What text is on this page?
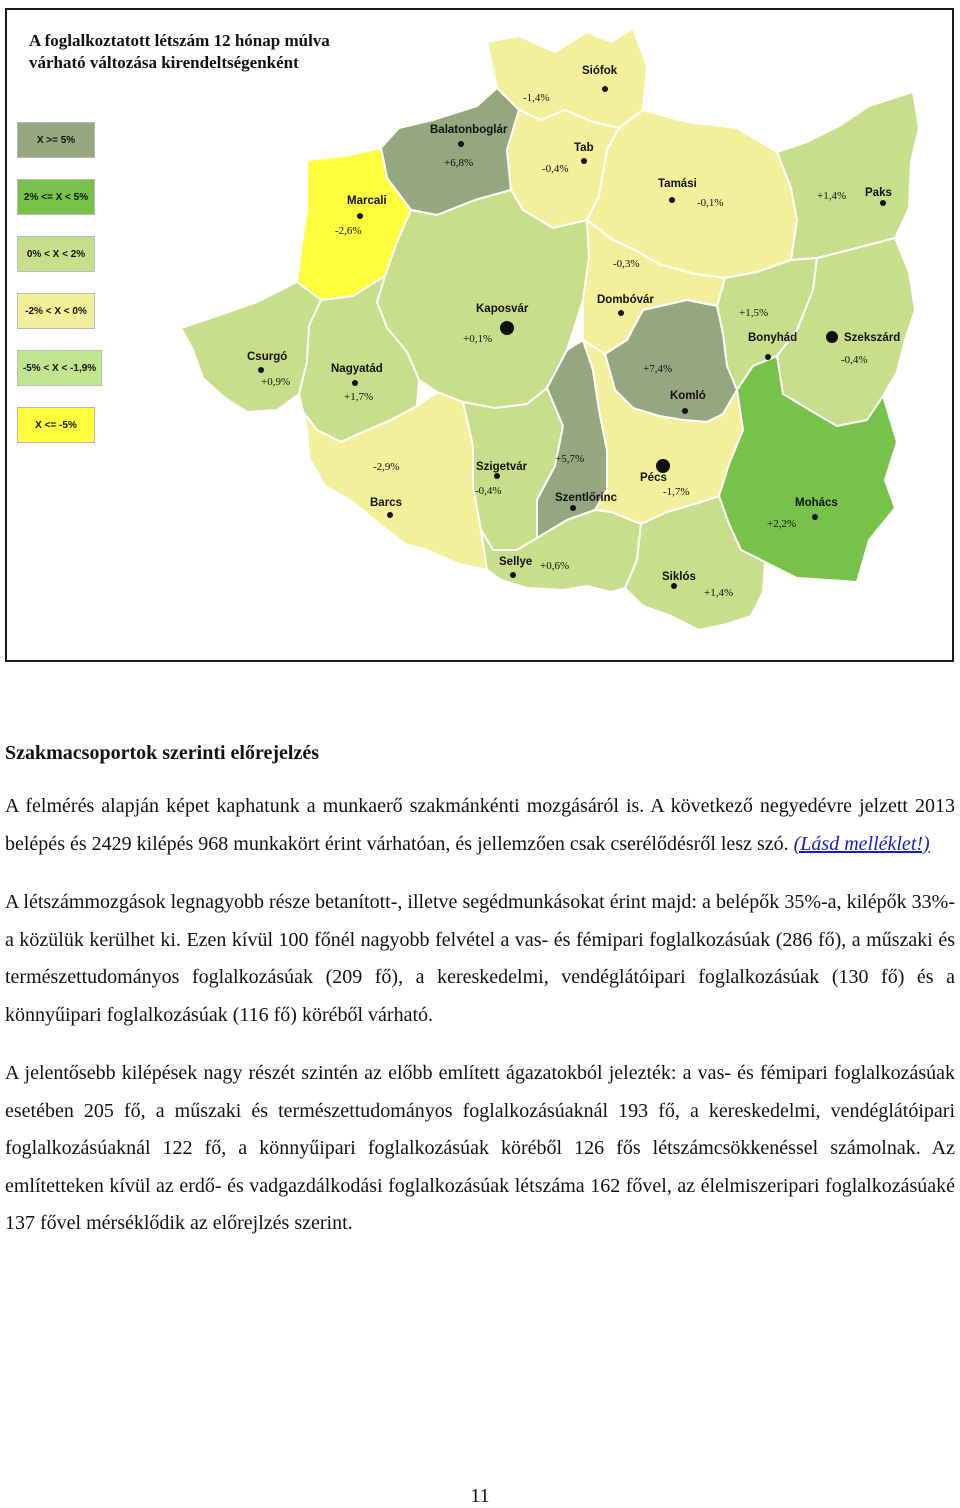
Siófok
Balatonboglár
Tab
Marcali
Tamási
Paks
Kaposvár
Dombóvár
Bonyhád	Szekszárd
Csurgó
Nagyatád
Komló
Barcs
Szigetvár
Szentlőrinc
Pécs
Mohács
Sellye
Siklós
-1,4%
+6,8%	-0,4%
-2,6%
-0,1%
+1,4%
+0,1%
-0,3%
+1,5%
-0,4%
+0,9%
+1,7%
+7,4%
-2,9%
-0,4%
+5,7%
-1,7%
+2,2%
+0,6%
+1,4%
A foglalkoztatott létszám 12 hónap múlva
várható változása kirendeltségenként
X >= 5%
2% <= X < 5%
0% < X < 2%
-2% < X < 0%
-5% < X < -1,9%
X <= -5%
Szakmacsoportok szerinti előrejelzés

A felmérés alapján képet kaphatunk a munkaerő szakmánkénti mozgásáról is. A következő negyedévre jelzett 2013 belépés és 2429 kilépés 968 munkakört érint várhatóan, és jellemzően csak cserélődésről lesz szó. (Lásd melléklet!)

A létszámmozgások legnagyobb része betanított-, illetve segédmunkásokat érint majd: a belépők 35%-a, kilépők 33%-a közülük kerülhet ki. Ezen kívül 100 főnél nagyobb felvétel a vas- és fémipari foglalkozásúak (286 fő), a műszaki és természettudományos foglalkozásúak (209 fő), a kereskedelmi, vendéglátóipari foglalkozásúak (130 fő) és a könnyűipari foglalkozásúak (116 fő) köréből várható.

A jelentősebb kilépések nagy részét szintén az előbb említett ágazatokból jelezték: a vas- és fémipari foglalkozásúak esetében 205 fő, a műszaki és természettudományos foglalkozásúaknál 193 fő, a kereskedelmi, vendéglátóipari foglalkozásúaknál 122 fő, a könnyűipari foglalkozásúak köréből 126 fős létszámcsökkenéssel számolnak. Az említetteken kívül az erdő- és vadgazdálkodási foglalkozásúak létszáma 162 fővel, az élelmiszeripari foglalkozásúaké 137 fővel mérséklődik az előrejlzés szerint.

11
